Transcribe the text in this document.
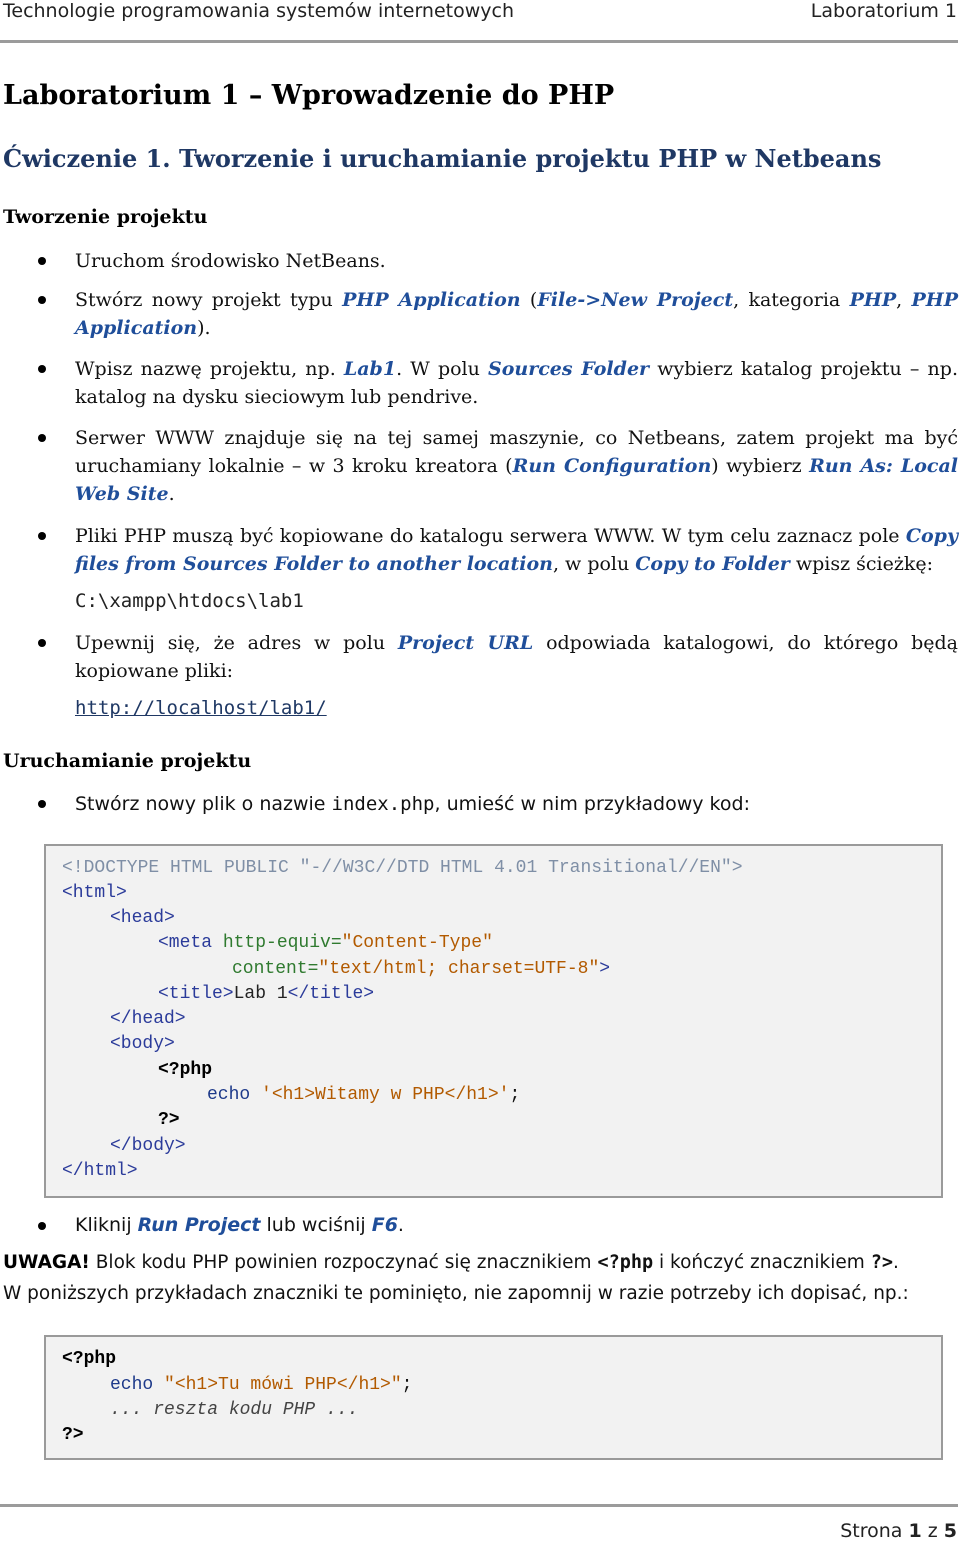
Technologie programowania systemów internetowych	Laboratorium 1
Laboratorium 1 – Wprowadzenie do PHP
Ćwiczenie 1. Tworzenie i uruchamianie projektu PHP w Netbeans
Tworzenie projektu
Uruchom środowisko NetBeans.
Stwórz nowy projekt typu PHP Application (File->New Project, kategoria PHP, PHP Application).
Wpisz nazwę projektu, np. Lab1. W polu Sources Folder wybierz katalog projektu – np. katalog na dysku sieciowym lub pendrive.
Serwer WWW znajduje się na tej samej maszynie, co Netbeans, zatem projekt ma być uruchamiany lokalnie – w 3 kroku kreatora (Run Configuration) wybierz Run As: Local Web Site.
Pliki PHP muszą być kopiowane do katalogu serwera WWW. W tym celu zaznacz pole Copy files from Sources Folder to another location, w polu Copy to Folder wpisz ścieżkę:
C:\xampp\htdocs\lab1
Upewnij się, że adres w polu Project URL odpowiada katalogowi, do którego będą kopiowane pliki:
http://localhost/lab1/
Uruchamianie projektu
Stwórz nowy plik o nazwie index.php, umieść w nim przykładowy kod:
<!DOCTYPE HTML PUBLIC "-//W3C//DTD HTML 4.01 Transitional//EN">
<html>
<head>
<meta http-equiv="Content-Type"
content="text/html; charset=UTF-8">
<title>Lab 1</title>
</head>
<body>
<?php
echo '<h1>Witamy w PHP</h1>';
?>
</body>
</html>
Kliknij Run Project lub wciśnij F6.
UWAGA! Blok kodu PHP powinien rozpoczynać się znacznikiem <?php i kończyć znacznikiem ?>.
W poniższych przykładach znaczniki te pominięto, nie zapomnij w razie potrzeby ich dopisać, np.:
<?php
echo "<h1>Tu mówi PHP</h1>";
... reszta kodu PHP ...
?>
Strona 1 z 5
